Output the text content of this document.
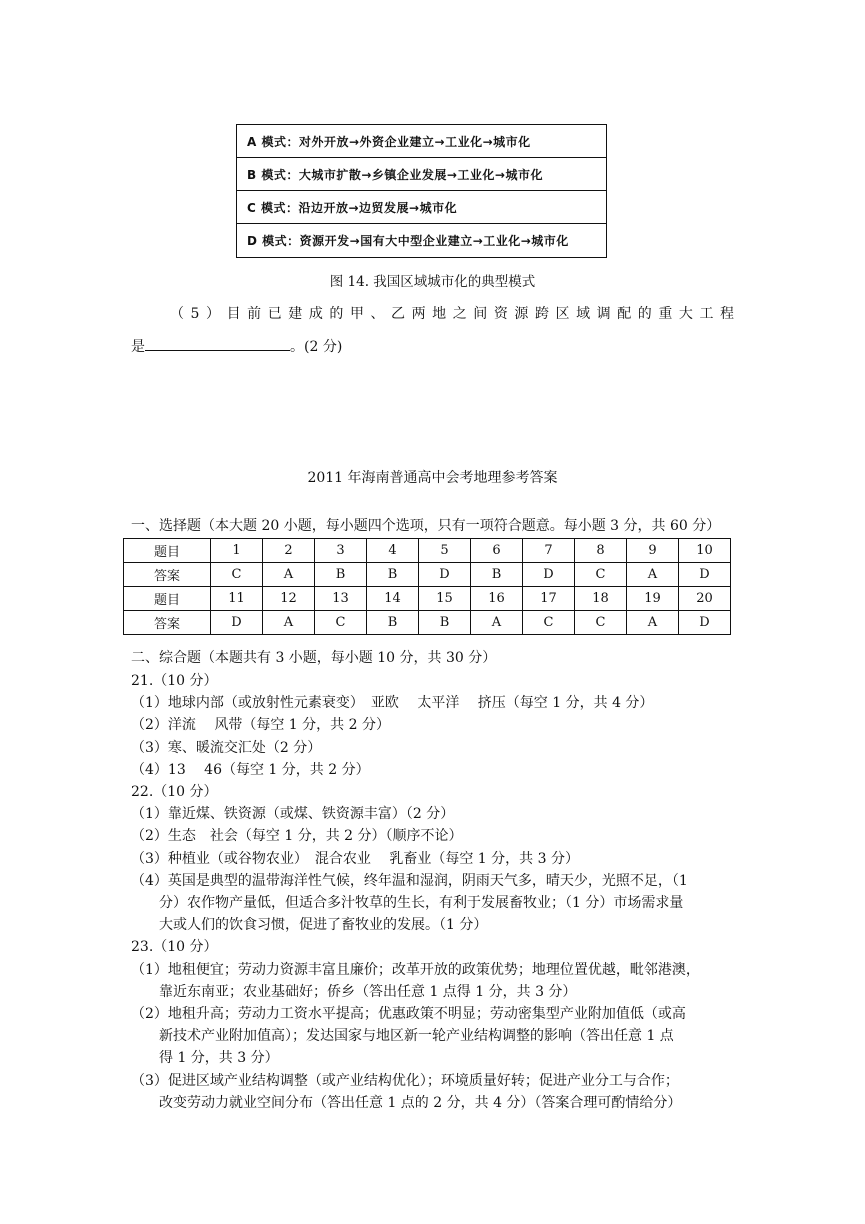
A 模式：对外开放→外资企业建立→工业化→城市化
B 模式：大城市扩散→乡镇企业发展→工业化→城市化
C 模式：沿边开放→边贸发展→城市化
D 模式：资源开发→国有大中型企业建立→工业化→城市化
图 14. 我国区域城市化的典型模式
（5）目前已建成的甲、乙两地之间资源跨区域调配的重大工程
是	。(2 分)
2011 年海南普通高中会考地理参考答案
一、选择题（本大题 20 小题，每小题四个选项，只有一项符合题意。每小题 3 分，共 60 分）
题目	1	2	3	4	5	6	7	8	9	10
答案	C	A	B	B	D	B	D	C	A	D
题目	11	12	13	14	15	16	17	18	19	20
答案	D	A	C	B	B	A	C	C	A	D
二、综合题（本题共有 3 小题，每小题 10 分，共 30 分）
21.（10 分）
（1）地球内部（或放射性元素衰变）　亚欧　 太平洋　 挤压（每空 1 分，共 4 分）
（2）洋流　 风带（每空 1 分，共 2 分）
（3）寒、暖流交汇处（2 分）
（4）13　 46（每空 1 分，共 2 分）
22.（10 分）
（1）靠近煤、铁资源（或煤、铁资源丰富）（2 分）
（2）生态　社会（每空 1 分，共 2 分）（顺序不论）
（3）种植业（或谷物农业）　混合农业　 乳畜业（每空 1 分，共 3 分）
（4）英国是典型的温带海洋性气候，终年温和湿润，阴雨天气多，晴天少，光照不足，（1
　　分）农作物产量低，但适合多汁牧草的生长，有利于发展畜牧业；（1 分）市场需求量
　　大或人们的饮食习惯，促进了畜牧业的发展。（1 分）
23.（10 分）
（1）地租便宜；劳动力资源丰富且廉价；改革开放的政策优势；地理位置优越，毗邻港澳，
　　靠近东南亚；农业基础好；侨乡（答出任意 1 点得 1 分，共 3 分）
（2）地租升高；劳动力工资水平提高；优惠政策不明显；劳动密集型产业附加值低（或高
　　新技术产业附加值高）；发达国家与地区新一轮产业结构调整的影响（答出任意 1 点
　　得 1 分，共 3 分）
（3）促进区域产业结构调整（或产业结构优化）；环境质量好转；促进产业分工与合作；
　　改变劳动力就业空间分布（答出任意 1 点的 2 分，共 4 分）（答案合理可酌情给分）
